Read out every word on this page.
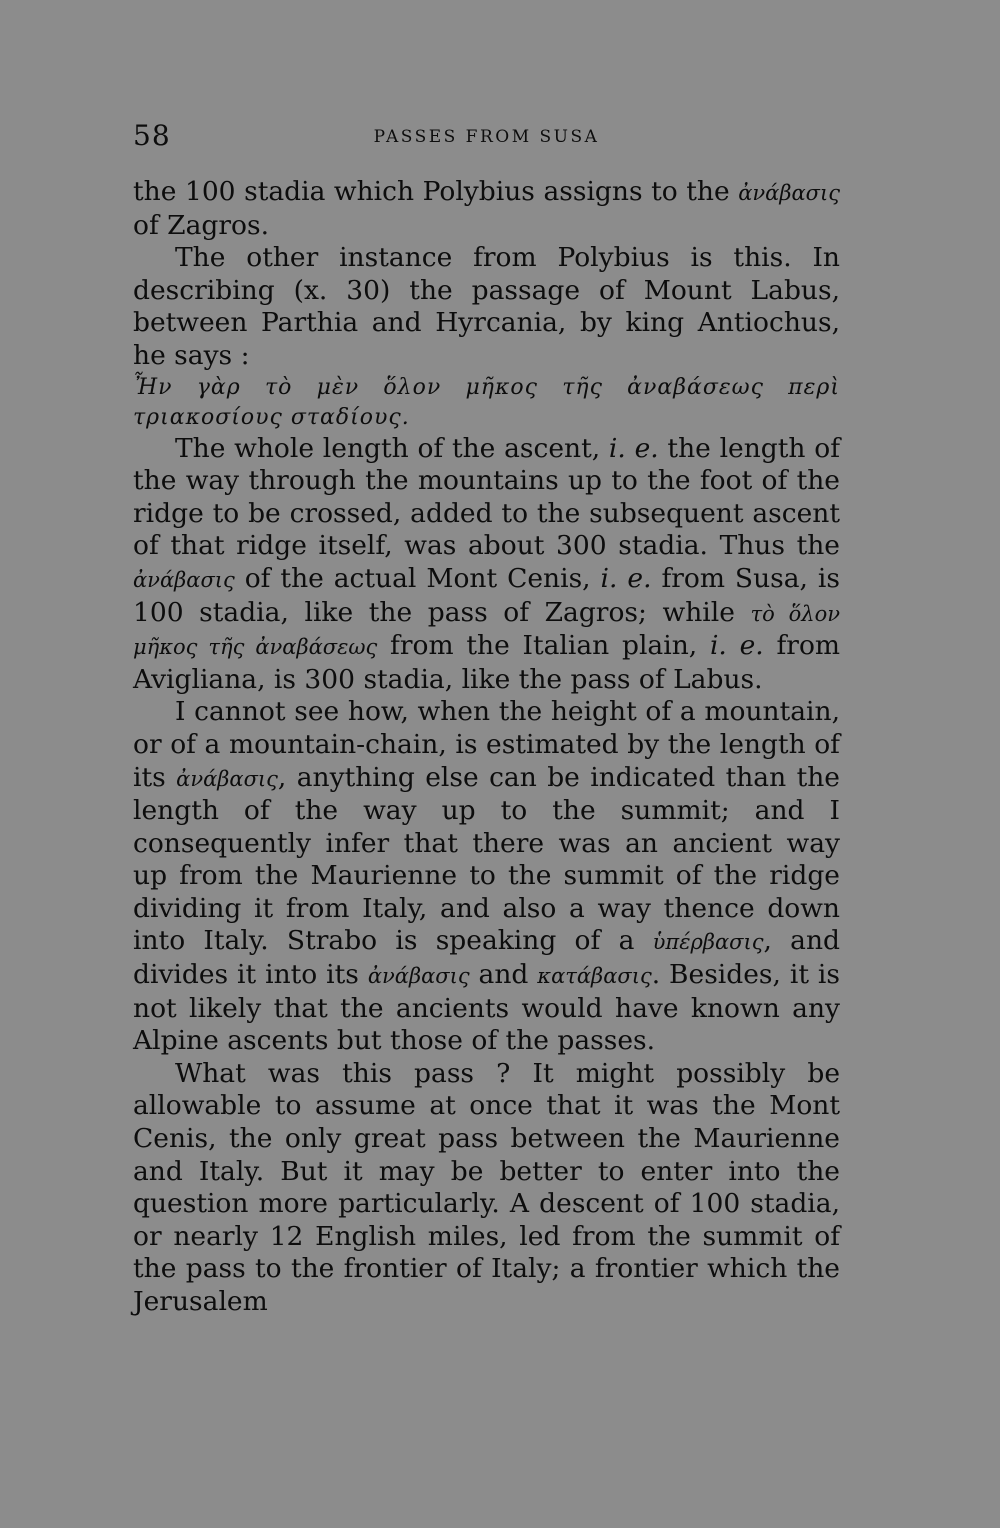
58	PASSES FROM SUSA

the 100 stadia which Polybius assigns to the ἀνάβασις of Zagros.

The other instance from Polybius is this. In describing (x. 30) the passage of Mount Labus, between Parthia and Hyrcania, by king Antiochus, he says :

Ἦν γὰρ τὸ μὲν ὅλον μῆκος τῆς ἀναβάσεως περὶ τριακοσίους σταδίους.

The whole length of the ascent, i. e. the length of the way through the mountains up to the foot of the ridge to be crossed, added to the subsequent ascent of that ridge itself, was about 300 stadia. Thus the ἀνάβασις of the actual Mont Cenis, i. e. from Susa, is 100 stadia, like the pass of Zagros; while τὸ ὅλον μῆκος τῆς ἀναβάσεως from the Italian plain, i. e. from Avigliana, is 300 stadia, like the pass of Labus.

I cannot see how, when the height of a mountain, or of a mountain-chain, is estimated by the length of its ἀνάβασις, anything else can be indicated than the length of the way up to the summit; and I consequently infer that there was an ancient way up from the Maurienne to the summit of the ridge dividing it from Italy, and also a way thence down into Italy. Strabo is speaking of a ὑπέρβασις, and divides it into its ἀνάβασις and κατάβασις. Besides, it is not likely that the ancients would have known any Alpine ascents but those of the passes.

What was this pass ? It might possibly be allowable to assume at once that it was the Mont Cenis, the only great pass between the Maurienne and Italy. But it may be better to enter into the question more particularly. A descent of 100 stadia, or nearly 12 English miles, led from the summit of the pass to the frontier of Italy; a frontier which the Jerusalem
